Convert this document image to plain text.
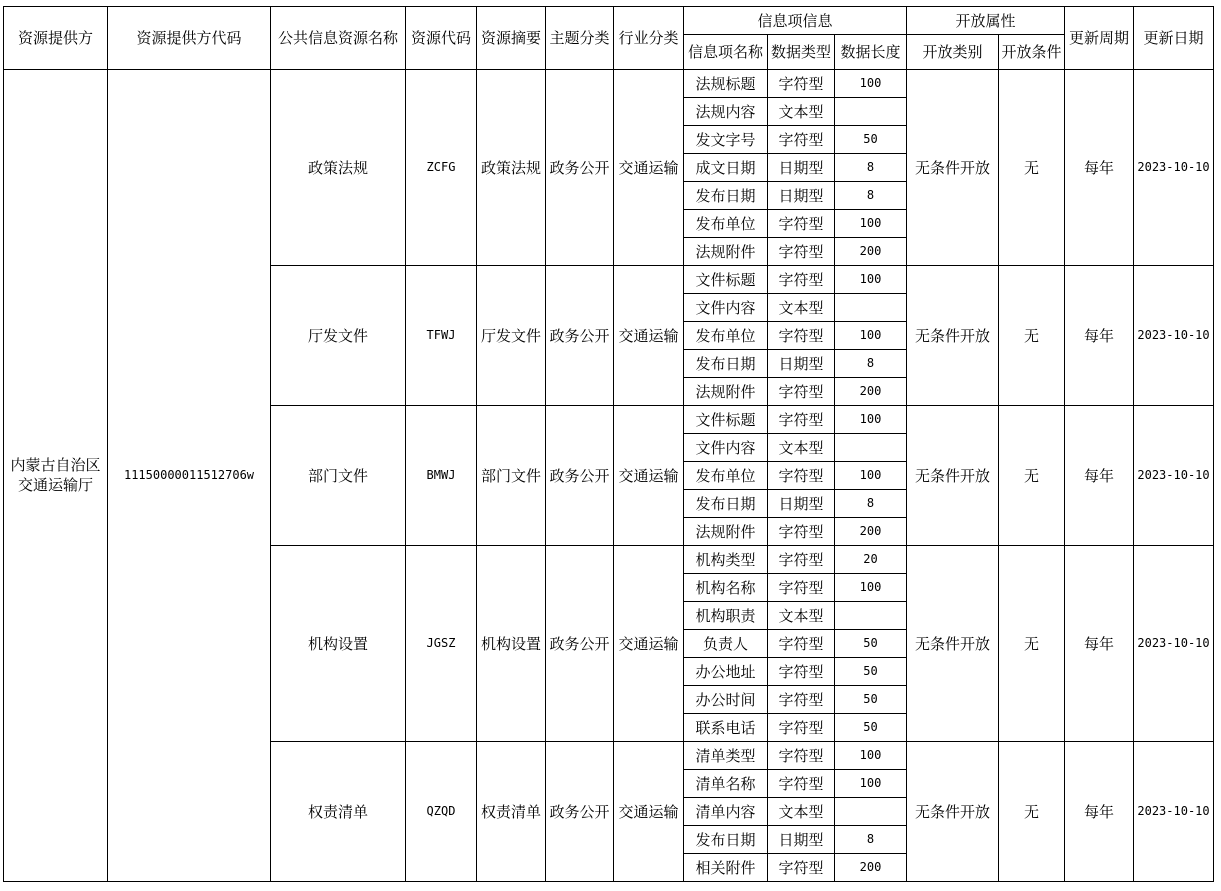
资源提供方	资源提供方代码	公共信息资源名称	资源代码	资源摘要	主题分类	行业分类	信息项信息			开放属性		更新周期	更新日期
							信息项名称	数据类型	数据长度	开放类别	开放条件		
内蒙古自治区交通运输厅	11150000011512706w	政策法规	ZCFG	政策法规	政务公开	交通运输	法规标题	字符型	100	无条件开放	无	每年	2023-10-10
							法规内容	文本型					
							发文字号	字符型	50				
							成文日期	日期型	8				
							发布日期	日期型	8				
							发布单位	字符型	100				
							法规附件	字符型	200				
		厅发文件	TFWJ	厅发文件	政务公开	交通运输	文件标题	字符型	100	无条件开放	无	每年	2023-10-10
							文件内容	文本型					
							发布单位	字符型	100				
							发布日期	日期型	8				
							法规附件	字符型	200				
		部门文件	BMWJ	部门文件	政务公开	交通运输	文件标题	字符型	100	无条件开放	无	每年	2023-10-10
							文件内容	文本型					
							发布单位	字符型	100				
							发布日期	日期型	8				
							法规附件	字符型	200				
		机构设置	JGSZ	机构设置	政务公开	交通运输	机构类型	字符型	20	无条件开放	无	每年	2023-10-10
							机构名称	字符型	100				
							机构职责	文本型					
							负责人	字符型	50				
							办公地址	字符型	50				
							办公时间	字符型	50				
							联系电话	字符型	50				
		权责清单	QZQD	权责清单	政务公开	交通运输	清单类型	字符型	100	无条件开放	无	每年	2023-10-10
							清单名称	字符型	100				
							清单内容	文本型					
							发布日期	日期型	8				
							相关附件	字符型	200				
